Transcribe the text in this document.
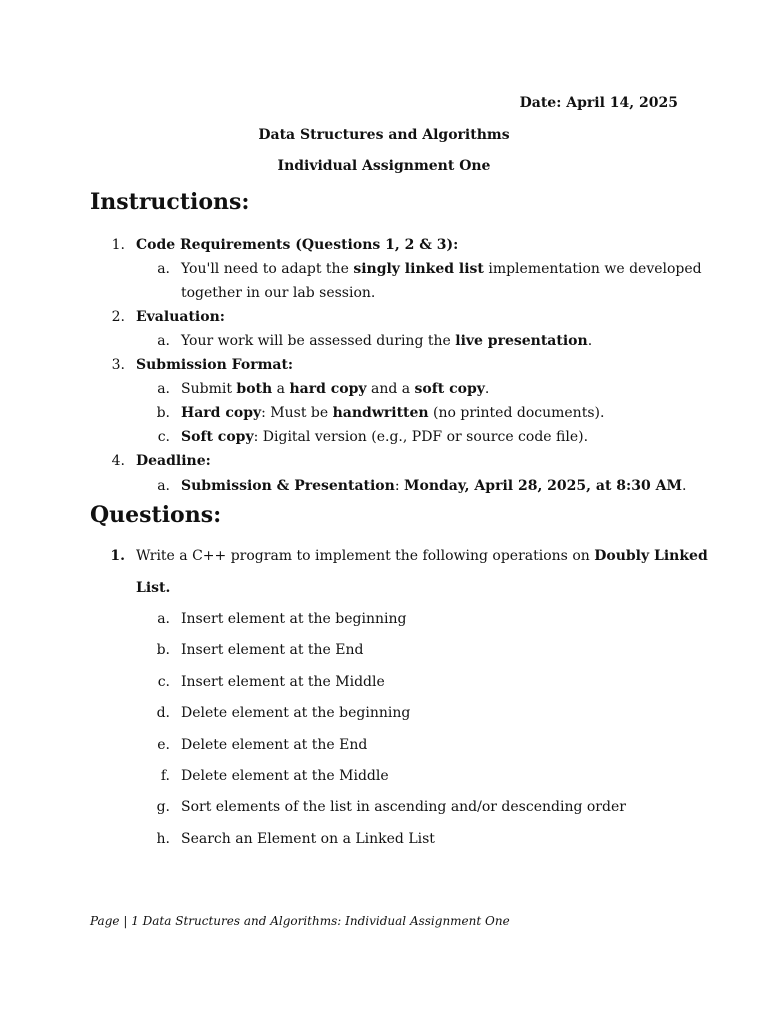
Date: April 14, 2025
Data Structures and Algorithms
Individual Assignment One
Instructions:
1. Code Requirements (Questions 1, 2 & 3):
a. You'll need to adapt the singly linked list implementation we developed
together in our lab session.
2. Evaluation:
a. Your work will be assessed during the live presentation.
3. Submission Format:
a. Submit both a hard copy and a soft copy.
b. Hard copy: Must be handwritten (no printed documents).
c. Soft copy: Digital version (e.g., PDF or source code file).
4. Deadline:
a. Submission & Presentation: Monday, April 28, 2025, at 8:30 AM.
Questions:
1. Write a C++ program to implement the following operations on Doubly Linked
List.
a. Insert element at the beginning
b. Insert element at the End
c. Insert element at the Middle
d. Delete element at the beginning
e. Delete element at the End
f. Delete element at the Middle
g. Sort elements of the list in ascending and/or descending order
h. Search an Element on a Linked List
Page | 1 Data Structures and Algorithms: Individual Assignment One
